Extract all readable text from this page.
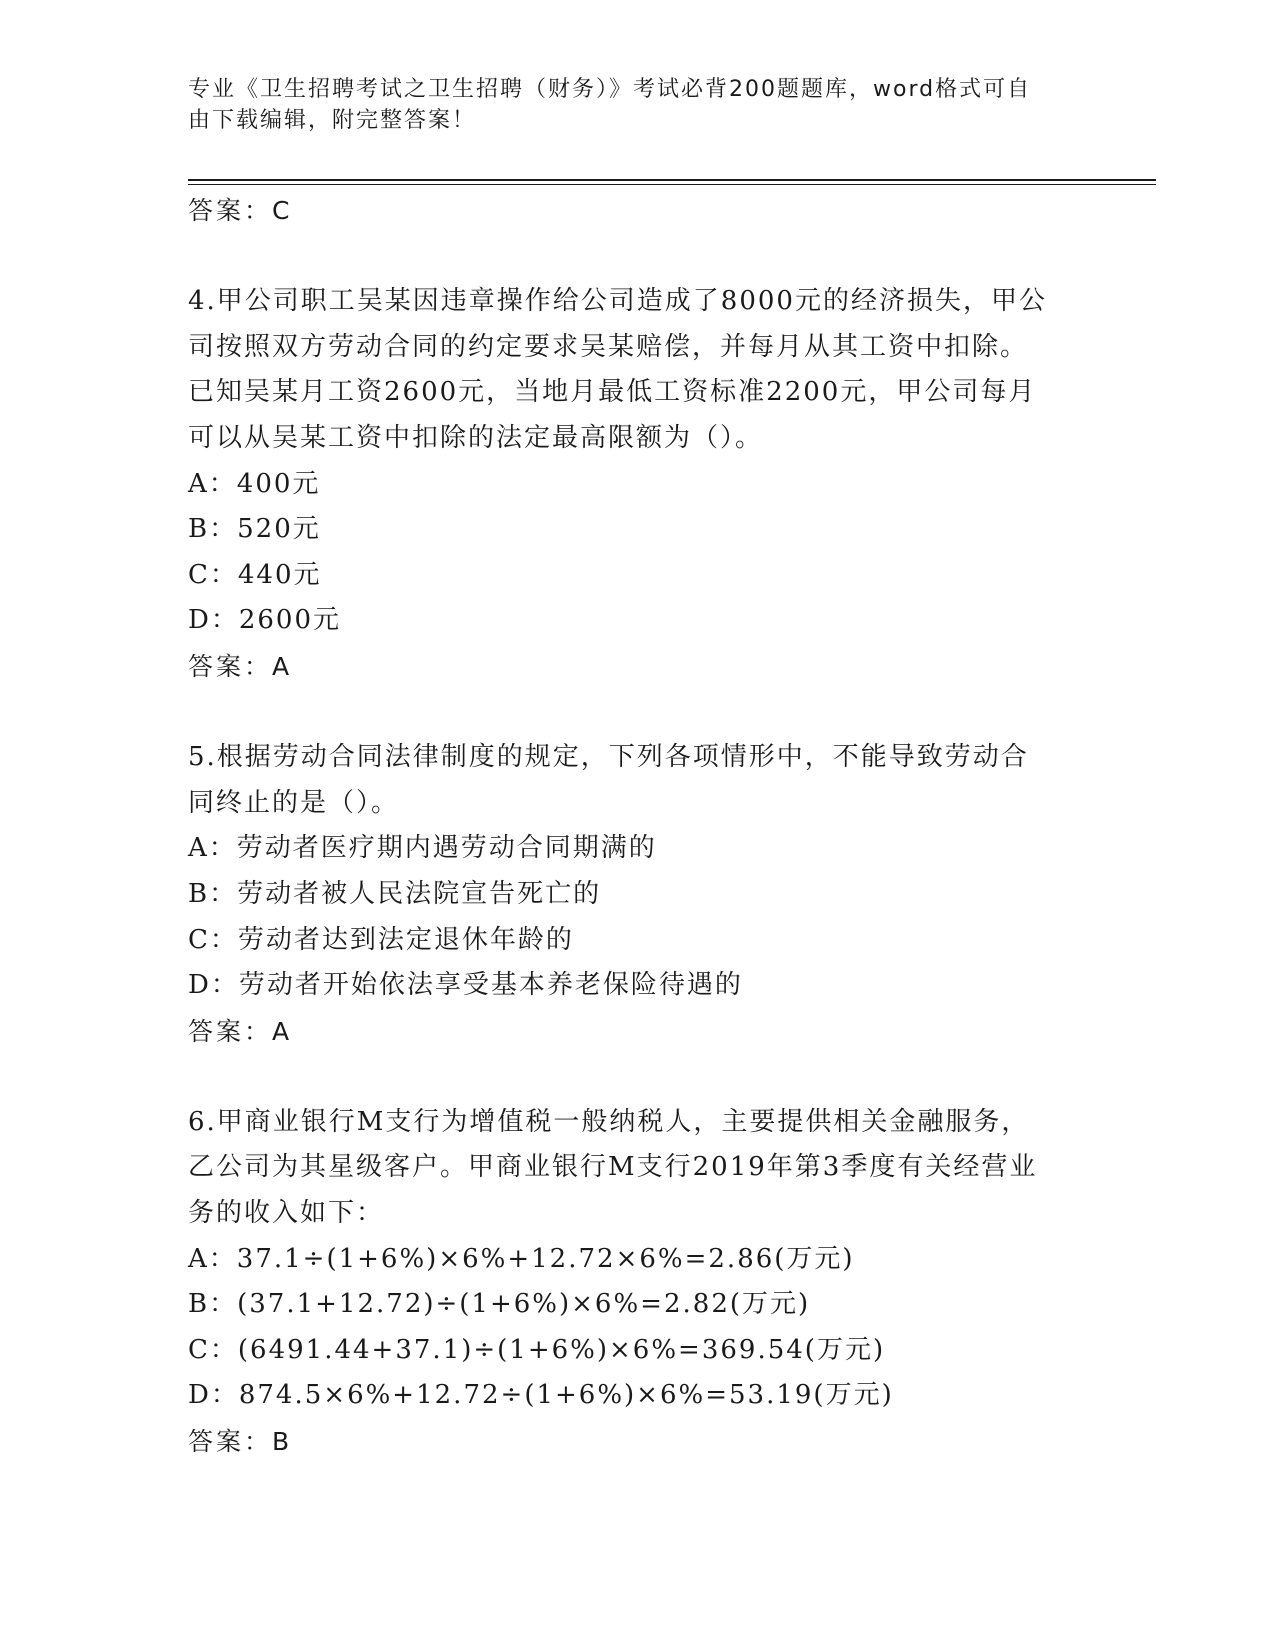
专业《卫生招聘考试之卫生招聘（财务）》考试必背200题题库，word格式可自
由下载编辑，附完整答案！
答案：C
4.甲公司职工吴某因违章操作给公司造成了8000元的经济损失，甲公
司按照双方劳动合同的约定要求吴某赔偿，并每月从其工资中扣除。
已知吴某月工资2600元，当地月最低工资标准2200元，甲公司每月
可以从吴某工资中扣除的法定最高限额为（）。
A：400元
B：520元
C：440元
D：2600元
答案：A
5.根据劳动合同法律制度的规定，下列各项情形中，不能导致劳动合
同终止的是（）。
A：劳动者医疗期内遇劳动合同期满的
B：劳动者被人民法院宣告死亡的
C：劳动者达到法定退休年龄的
D：劳动者开始依法享受基本养老保险待遇的
答案：A
6.甲商业银行M支行为增值税一般纳税人，主要提供相关金融服务，
乙公司为其星级客户。甲商业银行M支行2019年第3季度有关经营业
务的收入如下：
A：37.1÷(1+6%)×6%+12.72×6%=2.86(万元)
B：(37.1+12.72)÷(1+6%)×6%=2.82(万元)
C：(6491.44+37.1)÷(1+6%)×6%=369.54(万元)
D：874.5×6%+12.72÷(1+6%)×6%=53.19(万元)
答案：B
